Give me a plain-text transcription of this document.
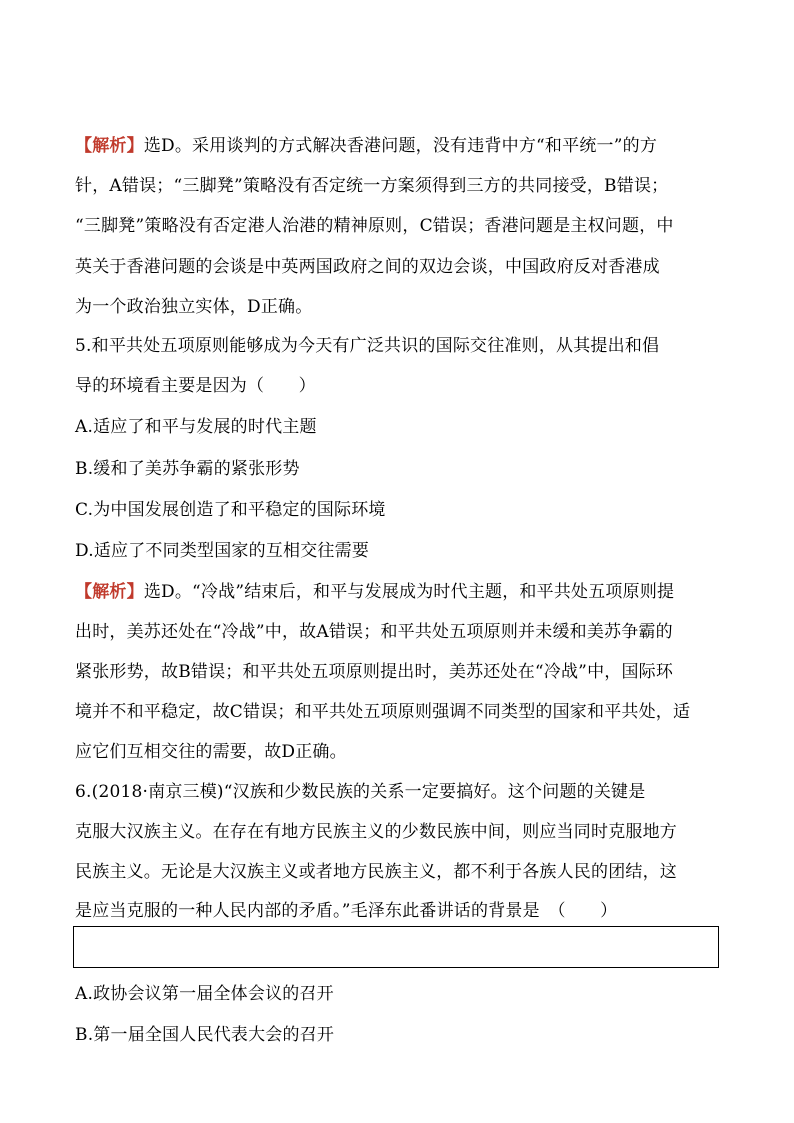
【解析】选D。采用谈判的方式解决香港问题，没有违背中方“和平统一”的方
针，A错误；“三脚凳”策略没有否定统一方案须得到三方的共同接受，B错误；
“三脚凳”策略没有否定港人治港的精神原则，C错误；香港问题是主权问题，中
英关于香港问题的会谈是中英两国政府之间的双边会谈，中国政府反对香港成
为一个政治独立实体，D正确。
5.和平共处五项原则能够成为今天有广泛共识的国际交往准则，从其提出和倡
导的环境看主要是因为（　　）
A.适应了和平与发展的时代主题
B.缓和了美苏争霸的紧张形势
C.为中国发展创造了和平稳定的国际环境
D.适应了不同类型国家的互相交往需要
【解析】选D。“冷战”结束后，和平与发展成为时代主题，和平共处五项原则提
出时，美苏还处在“冷战”中，故A错误；和平共处五项原则并未缓和美苏争霸的
紧张形势，故B错误；和平共处五项原则提出时，美苏还处在“冷战”中，国际环
境并不和平稳定，故C错误；和平共处五项原则强调不同类型的国家和平共处，适
应它们互相交往的需要，故D正确。
6.(2018·南京三模)“汉族和少数民族的关系一定要搞好。这个问题的关键是
克服大汉族主义。在存在有地方民族主义的少数民族中间，则应当同时克服地方
民族主义。无论是大汉族主义或者地方民族主义，都不利于各族人民的团结，这
是应当克服的一种人民内部的矛盾。”毛泽东此番讲话的背景是　（　　）
A.政协会议第一届全体会议的召开
B.第一届全国人民代表大会的召开
